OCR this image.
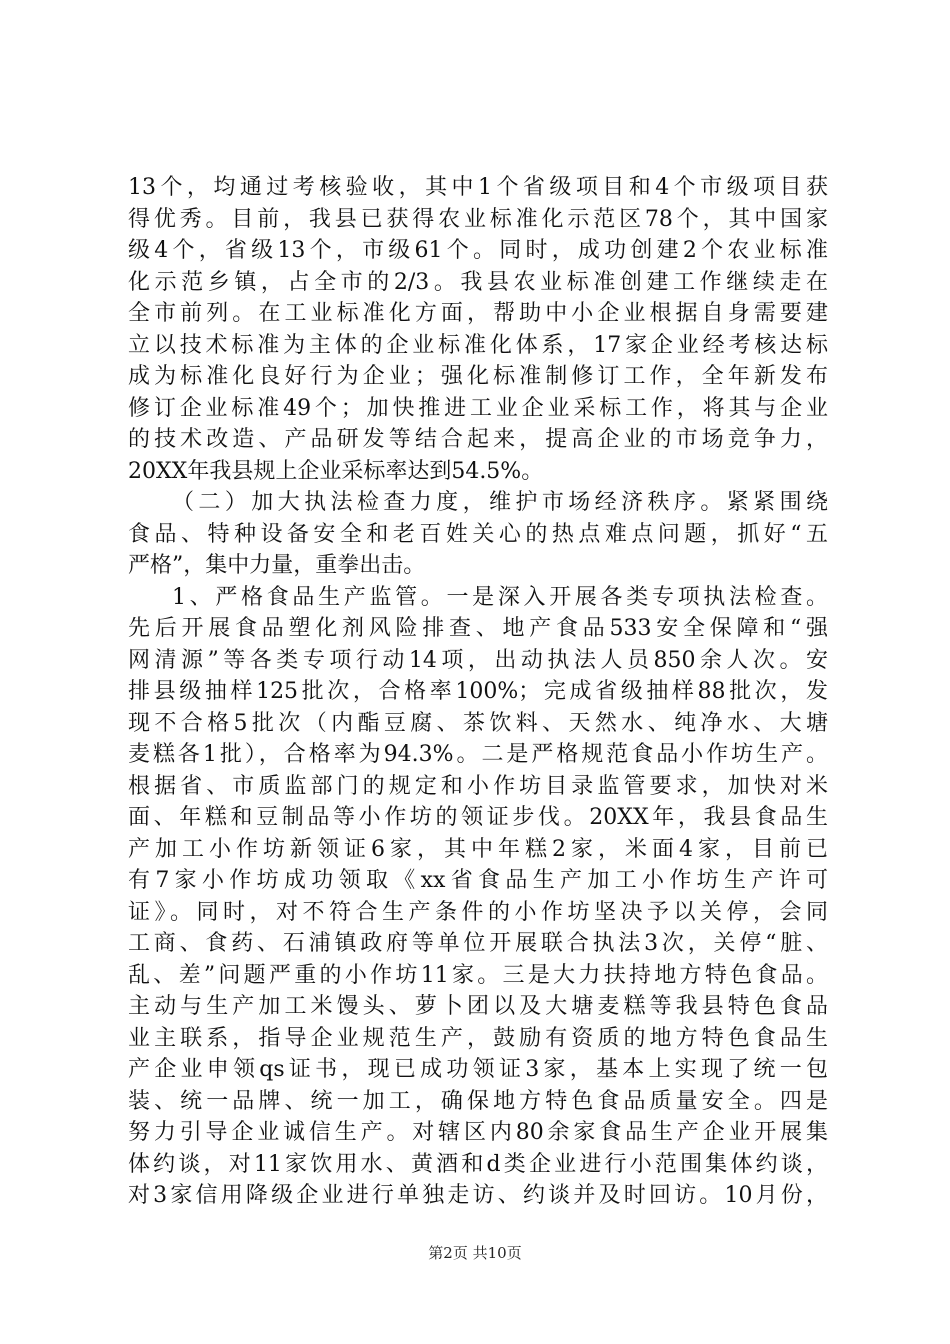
13个，均通过考核验收，其中1个省级项目和4个市级项目获
得优秀。目前，我县已获得农业标准化示范区78个，其中国家
级4个，省级13个，市级61个。同时，成功创建2个农业标准
化示范乡镇，占全市的2/3。我县农业标准创建工作继续走在
全市前列。在工业标准化方面，帮助中小企业根据自身需要建
立以技术标准为主体的企业标准化体系，17家企业经考核达标
成为标准化良好行为企业；强化标准制修订工作，全年新发布
修订企业标准49个；加快推进工业企业采标工作，将其与企业
的技术改造、产品研发等结合起来，提高企业的市场竞争力，
20XX年我县规上企业采标率达到54.5%。
（二）加大执法检查力度，维护市场经济秩序。紧紧围绕
食品、特种设备安全和老百姓关心的热点难点问题，抓好“五
严格”，集中力量，重拳出击。
1、严格食品生产监管。一是深入开展各类专项执法检查。
先后开展食品塑化剂风险排查、地产食品533安全保障和“强
网清源”等各类专项行动14项，出动执法人员850余人次。安
排县级抽样125批次，合格率100%；完成省级抽样88批次，发
现不合格5批次（内酯豆腐、茶饮料、天然水、纯净水、大塘
麦糕各1批），合格率为94.3%。二是严格规范食品小作坊生产。
根据省、市质监部门的规定和小作坊目录监管要求，加快对米
面、年糕和豆制品等小作坊的领证步伐。20XX年，我县食品生
产加工小作坊新领证6家，其中年糕2家，米面4家，目前已
有7家小作坊成功领取《xx省食品生产加工小作坊生产许可
证》。同时，对不符合生产条件的小作坊坚决予以关停，会同
工商、食药、石浦镇政府等单位开展联合执法3次，关停“脏、
乱、差”问题严重的小作坊11家。三是大力扶持地方特色食品。
主动与生产加工米馒头、萝卜团以及大塘麦糕等我县特色食品
业主联系，指导企业规范生产，鼓励有资质的地方特色食品生
产企业申领qs证书，现已成功领证3家，基本上实现了统一包
装、统一品牌、统一加工，确保地方特色食品质量安全。四是
努力引导企业诚信生产。对辖区内80余家食品生产企业开展集
体约谈，对11家饮用水、黄酒和d类企业进行小范围集体约谈，
对3家信用降级企业进行单独走访、约谈并及时回访。10月份，
第2页 共10页
